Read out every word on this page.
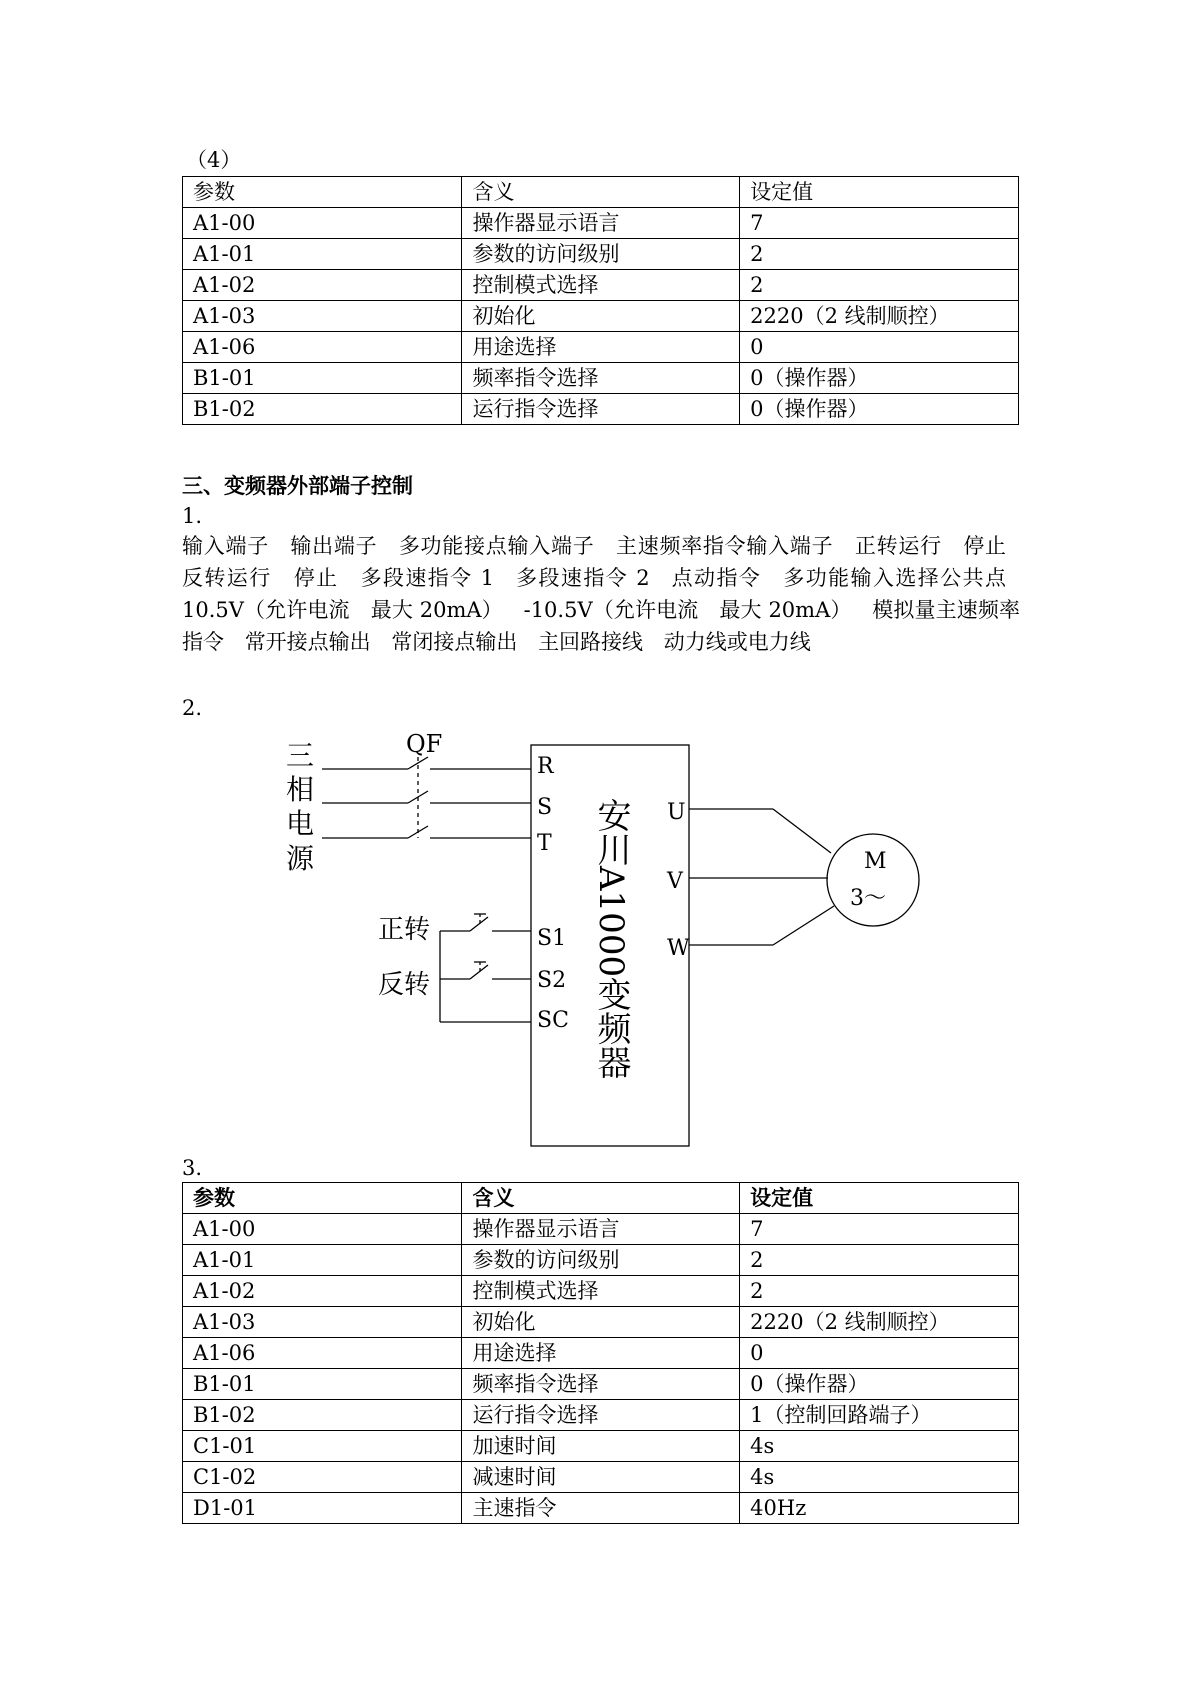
（4）
参数	含义	设定值
A1-00	操作器显示语言	7
A1-01	参数的访问级别	2
A1-02	控制模式选择	2
A1-03	初始化	2220（2 线制顺控）
A1-06	用途选择	0
B1-01	频率指令选择	0（操作器）
B1-02	运行指令选择	0（操作器）
三、变频器外部端子控制
1.
输入端子 输出端子 多功能接点输入端子 主速频率指令输入端子 正转运行 停止 反转运行 停止 多段速指令 1 多段速指令 2 点动指令 多功能输入选择公共点 10.5V（允许电流　最大 20mA） -10.5V（允许电流　最大 20mA） 模拟量主速频率指令 常开接点输出 常闭接点输出 主回路接线 动力线或电力线
2.
三
相
电
源
QF
R
S
T 安川A1000变频器 U
V
W
M
3～
正转
反转
S1
S2
SC
3.
参数	含义	设定值
A1-00	操作器显示语言	7
A1-01	参数的访问级别	2
A1-02	控制模式选择	2
A1-03	初始化	2220（2 线制顺控）
A1-06	用途选择	0
B1-01	频率指令选择	0（操作器）
B1-02	运行指令选择	1（控制回路端子）
C1-01	加速时间	4s
C1-02	减速时间	4s
D1-01	主速指令	40Hz
